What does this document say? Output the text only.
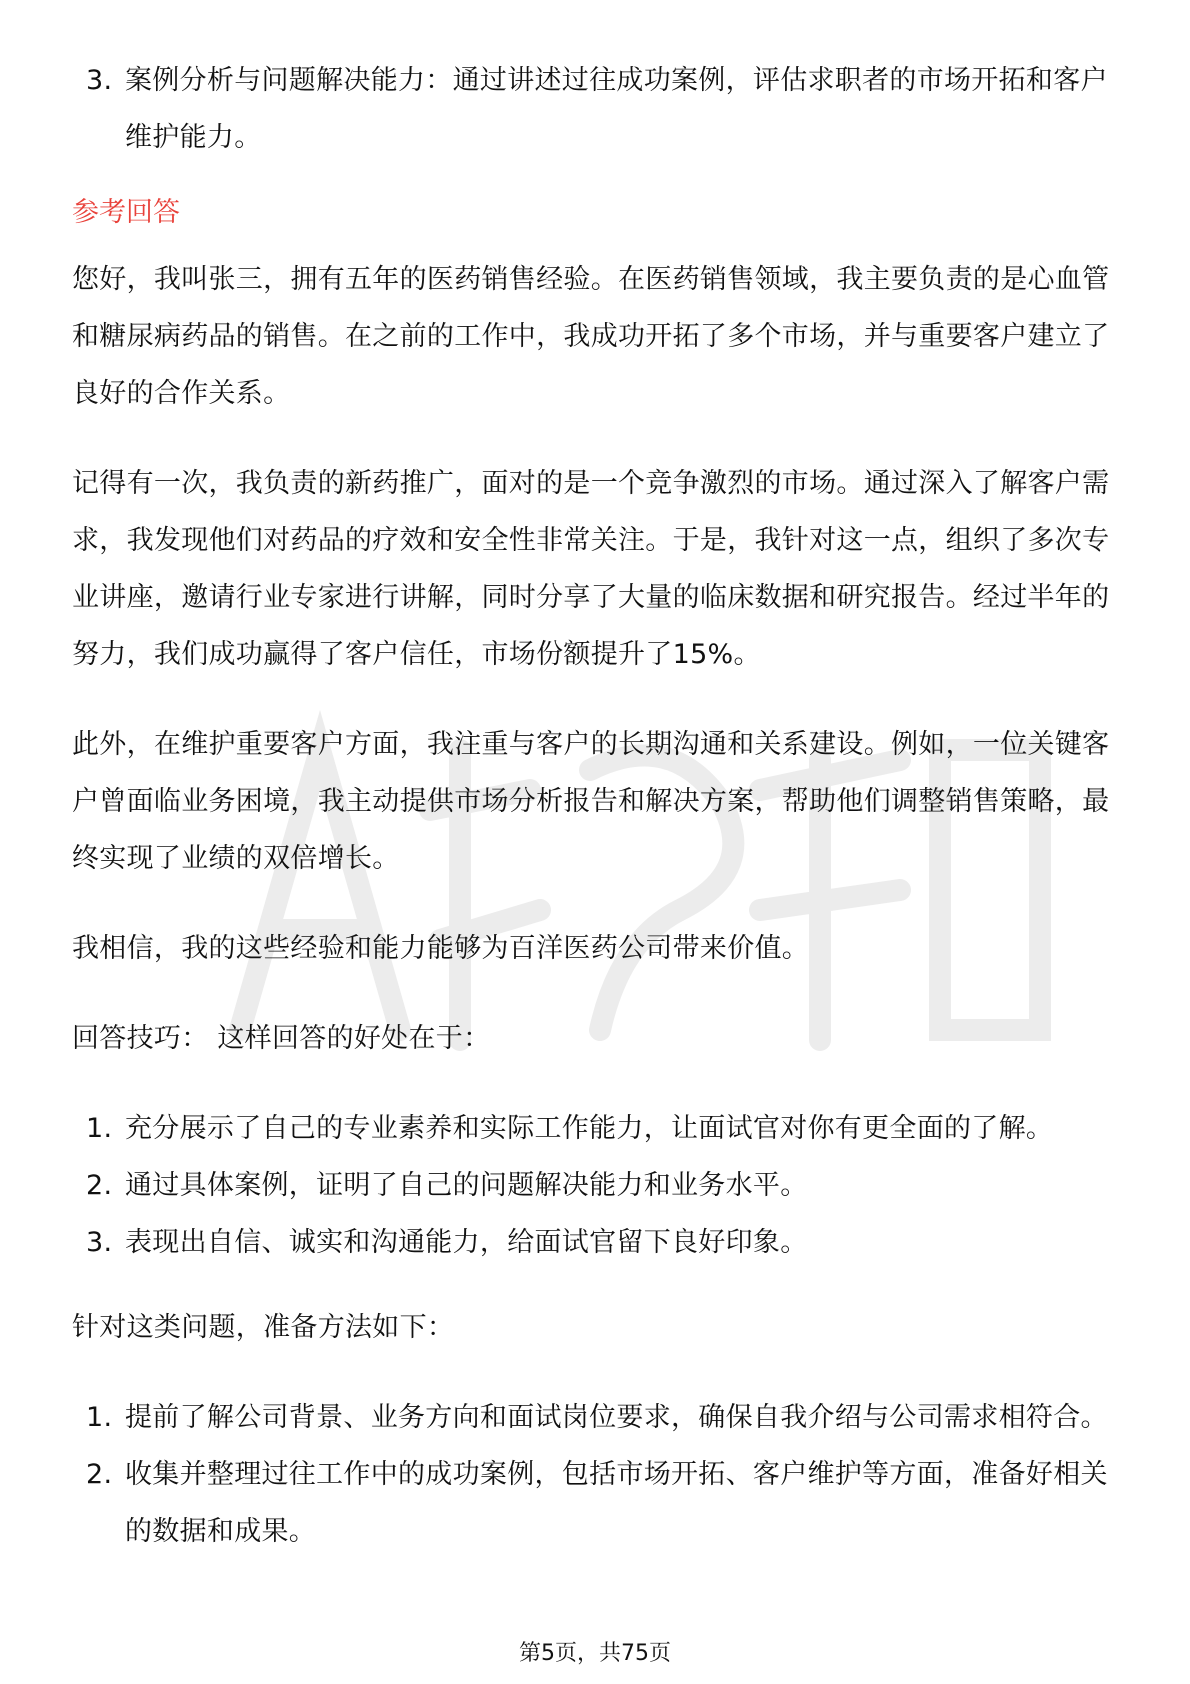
3. 案例分析与问题解决能力：通过讲述过往成功案例，评估求职者的市场开拓和客户维护能力。
参考回答

您好，我叫张三，拥有五年的医药销售经验。在医药销售领域，我主要负责的是心血管和糖尿病药品的销售。在之前的工作中，我成功开拓了多个市场，并与重要客户建立了良好的合作关系。

记得有一次，我负责的新药推广，面对的是一个竞争激烈的市场。通过深入了解客户需求，我发现他们对药品的疗效和安全性非常关注。于是，我针对这一点，组织了多次专业讲座，邀请行业专家进行讲解，同时分享了大量的临床数据和研究报告。经过半年的努力，我们成功赢得了客户信任，市场份额提升了15%。

此外，在维护重要客户方面，我注重与客户的长期沟通和关系建设。例如，一位关键客户曾面临业务困境，我主动提供市场分析报告和解决方案，帮助他们调整销售策略，最终实现了业绩的双倍增长。

我相信，我的这些经验和能力能够为百洋医药公司带来价值。

回答技巧： 这样回答的好处在于：

1. 充分展示了自己的专业素养和实际工作能力，让面试官对你有更全面的了解。
2. 通过具体案例，证明了自己的问题解决能力和业务水平。
3. 表现出自信、诚实和沟通能力，给面试官留下良好印象。

针对这类问题，准备方法如下：

1. 提前了解公司背景、业务方向和面试岗位要求，确保自我介绍与公司需求相符合。
2. 收集并整理过往工作中的成功案例，包括市场开拓、客户维护等方面，准备好相关的数据和成果。
第5页，共75页
